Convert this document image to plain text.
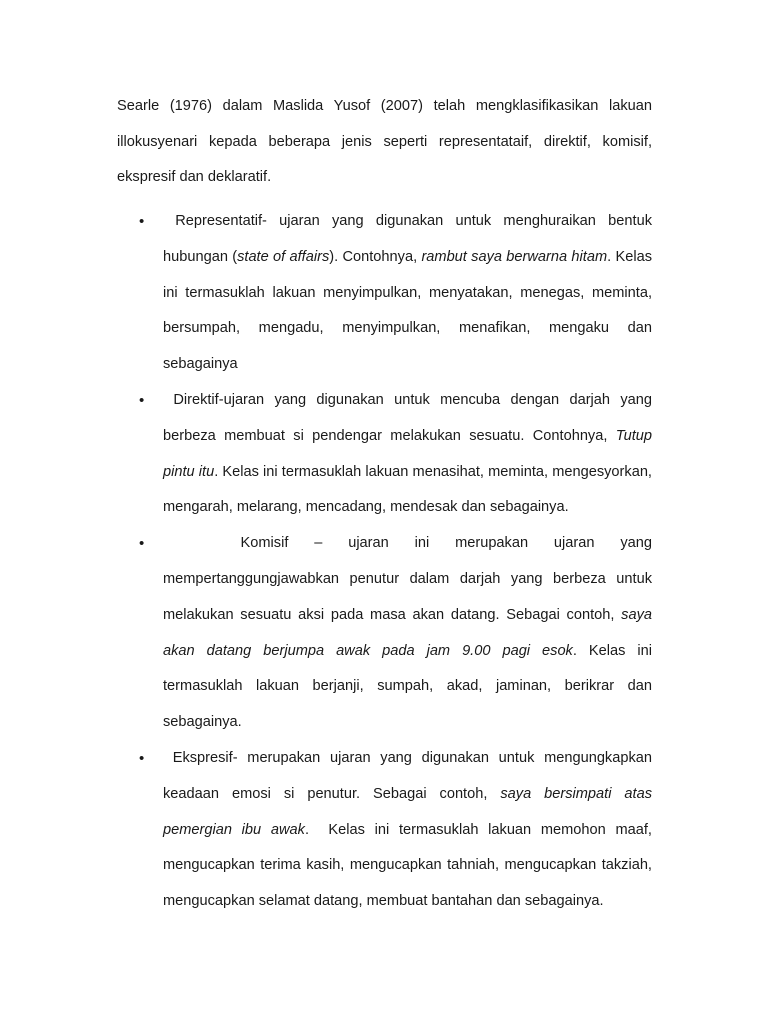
Searle (1976) dalam Maslida Yusof (2007) telah mengklasifikasikan lakuan illokusyenari kepada beberapa jenis seperti representataif, direktif, komisif, ekspresif dan deklaratif.

• Representatif- ujaran yang digunakan untuk menghuraikan bentuk hubungan (state of affairs). Contohnya, rambut saya berwarna hitam. Kelas ini termasuklah lakuan menyimpulkan, menyatakan, menegas, meminta, bersumpah, mengadu, menyimpulkan, menafikan, mengaku dan sebagainya

• Direktif-ujaran yang digunakan untuk mencuba dengan darjah yang berbeza membuat si pendengar melakukan sesuatu. Contohnya, Tutup pintu itu. Kelas ini termasuklah lakuan menasihat, meminta, mengesyorkan, mengarah, melarang, mencadang, mendesak dan sebagainya.

• Komisif – ujaran ini merupakan ujaran yang
mempertanggungjawabkan penutur dalam darjah yang berbeza untuk melakukan sesuatu aksi pada masa akan datang. Sebagai contoh, saya akan datang berjumpa awak pada jam 9.00 pagi esok. Kelas ini termasuklah lakuan berjanji, sumpah, akad, jaminan, berikrar dan sebagainya.

• Ekspresif- merupakan ujaran yang digunakan untuk mengungkapkan keadaan emosi si penutur. Sebagai contoh, saya bersimpati atas pemergian ibu awak.  Kelas ini termasuklah lakuan memohon maaf, mengucapkan terima kasih, mengucapkan tahniah, mengucapkan takziah, mengucapkan selamat datang, membuat bantahan dan sebagainya.
